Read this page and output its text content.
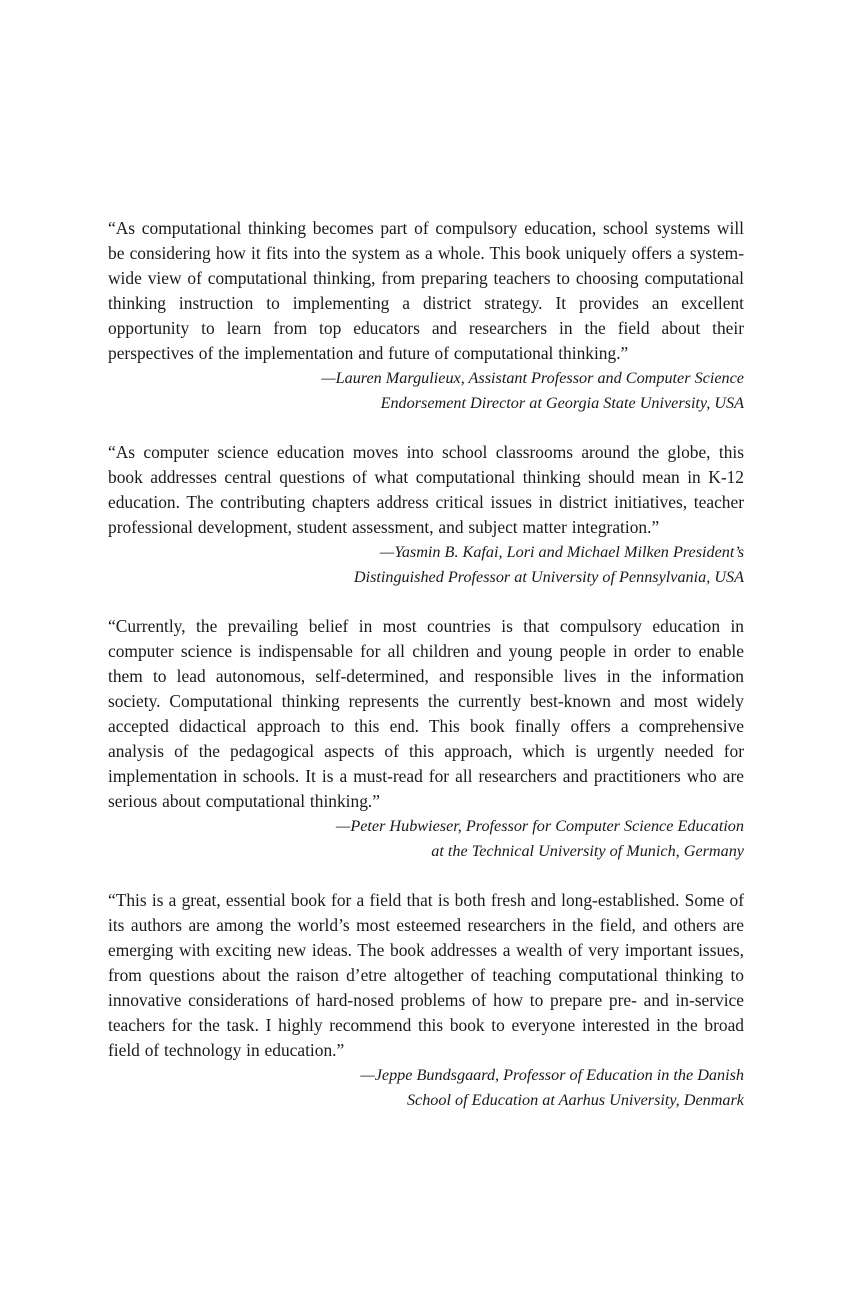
“As computational thinking becomes part of compulsory education, school systems will be considering how it fits into the system as a whole. This book uniquely offers a system-wide view of computational thinking, from preparing teachers to choosing computational thinking instruction to implementing a district strategy. It provides an excellent opportunity to learn from top educators and researchers in the field about their perspectives of the implementation and future of computational thinking.”

—Lauren Margulieux, Assistant Professor and Computer Science
Endorsement Director at Georgia State University, USA

“As computer science education moves into school classrooms around the globe, this book addresses central questions of what computational thinking should mean in K-12 education. The contributing chapters address critical issues in district initiatives, teacher professional development, student assessment, and subject matter integration.”

—Yasmin B. Kafai, Lori and Michael Milken President’s
Distinguished Professor at University of Pennsylvania, USA

“Currently, the prevailing belief in most countries is that compulsory education in computer science is indispensable for all children and young people in order to enable them to lead autonomous, self-determined, and responsible lives in the information society. Computational thinking represents the currently best-known and most widely accepted didactical approach to this end. This book finally offers a comprehensive analysis of the pedagogical aspects of this approach, which is urgently needed for implementation in schools. It is a must-read for all researchers and practitioners who are serious about computational thinking.”

—Peter Hubwieser, Professor for Computer Science Education
at the Technical University of Munich, Germany

“This is a great, essential book for a field that is both fresh and long-established. Some of its authors are among the world’s most esteemed researchers in the field, and others are emerging with exciting new ideas. The book addresses a wealth of very important issues, from questions about the raison d’etre altogether of teaching computational thinking to innovative considerations of hard-nosed problems of how to prepare pre- and in-service teachers for the task. I highly recommend this book to everyone interested in the broad field of technology in education.”

—Jeppe Bundsgaard, Professor of Education in the Danish
School of Education at Aarhus University, Denmark
